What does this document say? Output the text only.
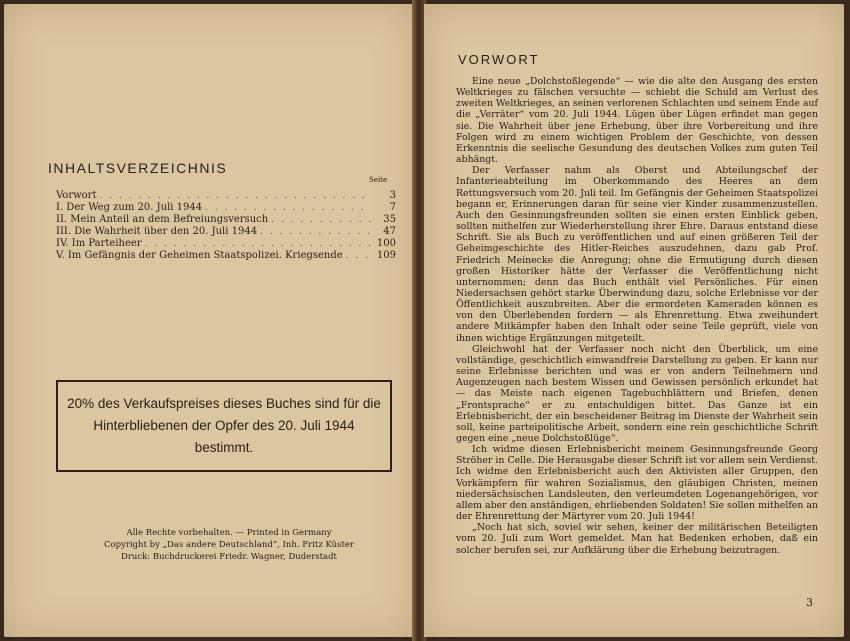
INHALTSVERZEICHNIS
Seite
Vorwort . . .	3
I. Der Weg zum 20. Juli 1944 . . .	7
II. Mein Anteil an dem Befreiungsversuch . . .	35
III. Die Wahrheit über den 20. Juli 1944 . . .	47
IV. Im Parteiheer . . .	100
V. Im Gefängnis der Geheimen Staatspolizei. Kriegsende . . .	109
20% des Verkaufspreises dieses Buches sind für die
Hinterbliebenen der Opfer des 20. Juli 1944 bestimmt.
Alle Rechte vorbehalten. — Printed in Germany
Copyright by „Das andere Deutschland“, Inh. Fritz Küster
Druck: Buchdruckerei Friedr. Wagner, Duderstadt
VORWORT

Eine neue „Dolchstoßlegende“ — wie die alte den Ausgang des ersten Weltkrieges zu fälschen versuchte — schiebt die Schuld am Verlust des zweiten Weltkrieges, an seinen verlorenen Schlachten und seinem Ende auf die „Verräter“ vom 20. Juli 1944. Lügen über Lügen erfindet man gegen sie. Die Wahrheit über jene Erhebung, über ihre Vorbereitung und ihre Folgen wird zu einem wichtigen Problem der Geschichte, von dessen Erkenntnis die seelische Gesundung des deutschen Volkes zum guten Teil abhängt.

Der Verfasser nahm als Oberst und Abteilungschef der Infanterieabteilung im Oberkommando des Heeres an dem Rettungsversuch vom 20. Juli teil. Im Gefängnis der Geheimen Staatspolizei begann er, Erinnerungen daran für seine vier Kinder zusammenzustellen. Auch den Gesinnungsfreunden sollten sie einen ersten Einblick geben, sollten mithelfen zur Wiederherstellung ihrer Ehre. Daraus entstand diese Schrift. Sie als Buch zu veröffentlichen und auf einen größeren Teil der Geheimgeschichte des Hitler-Reiches auszudehnen, dazu gab Prof. Friedrich Meinecke die Anregung; ohne die Ermutigung durch diesen großen Historiker hätte der Verfasser die Veröffentlichung nicht unternommen; denn das Buch enthält viel Persönliches. Für einen Niedersachsen gehört starke Überwindung dazu, solche Erlebnisse vor der Öffentlichkeit auszubreiten. Aber die ermordeten Kameraden können es von den Überlebenden fordern — als Ehrenrettung. Etwa zweihundert andere Mitkämpfer haben den Inhalt oder seine Teile geprüft, viele von ihnen wichtige Ergänzungen mitgeteilt.

Gleichwohl hat der Verfasser noch nicht den Überblick, um eine vollständige, geschichtlich einwandfreie Darstellung zu geben. Er kann nur seine Erlebnisse berichten und was er von andern Teilnehmern und Augenzeugen nach bestem Wissen und Gewissen persönlich erkundet hat — das Meiste nach eigenen Tagebuchblättern und Briefen, denen „Frontsprache“ er zu entschuldigen bittet. Das Ganze ist ein Erlebnisbericht, der ein bescheidener Beitrag im Dienste der Wahrheit sein soll, keine parteipolitische Arbeit, sondern eine rein geschichtliche Schrift gegen eine „neue Dolchstoßlüge“.

Ich widme diesen Erlebnisbericht meinem Gesinnungsfreunde Georg Ströher in Celle. Die Herausgabe dieser Schrift ist vor allem sein Verdienst. Ich widme den Erlebnisbericht auch den Aktivisten aller Gruppen, den Vorkämpfern für wahren Sozialismus, den gläubigen Christen, meinen niedersächsischen Landsleuten, den verleumdeten Logenangehörigen, vor allem aber den anständigen, ehrliebenden Soldaten! Sie sollen mithelfen an der Ehrenrettung der Märtyrer vom 20. Juli 1944!

„Noch hat sich, soviel wir sehen, keiner der militärischen Beteiligten vom 20. Juli zum Wort gemeldet. Man hat Bedenken erhoben, daß ein solcher berufen sei, zur Aufklärung über die Erhebung beizutragen.

3
